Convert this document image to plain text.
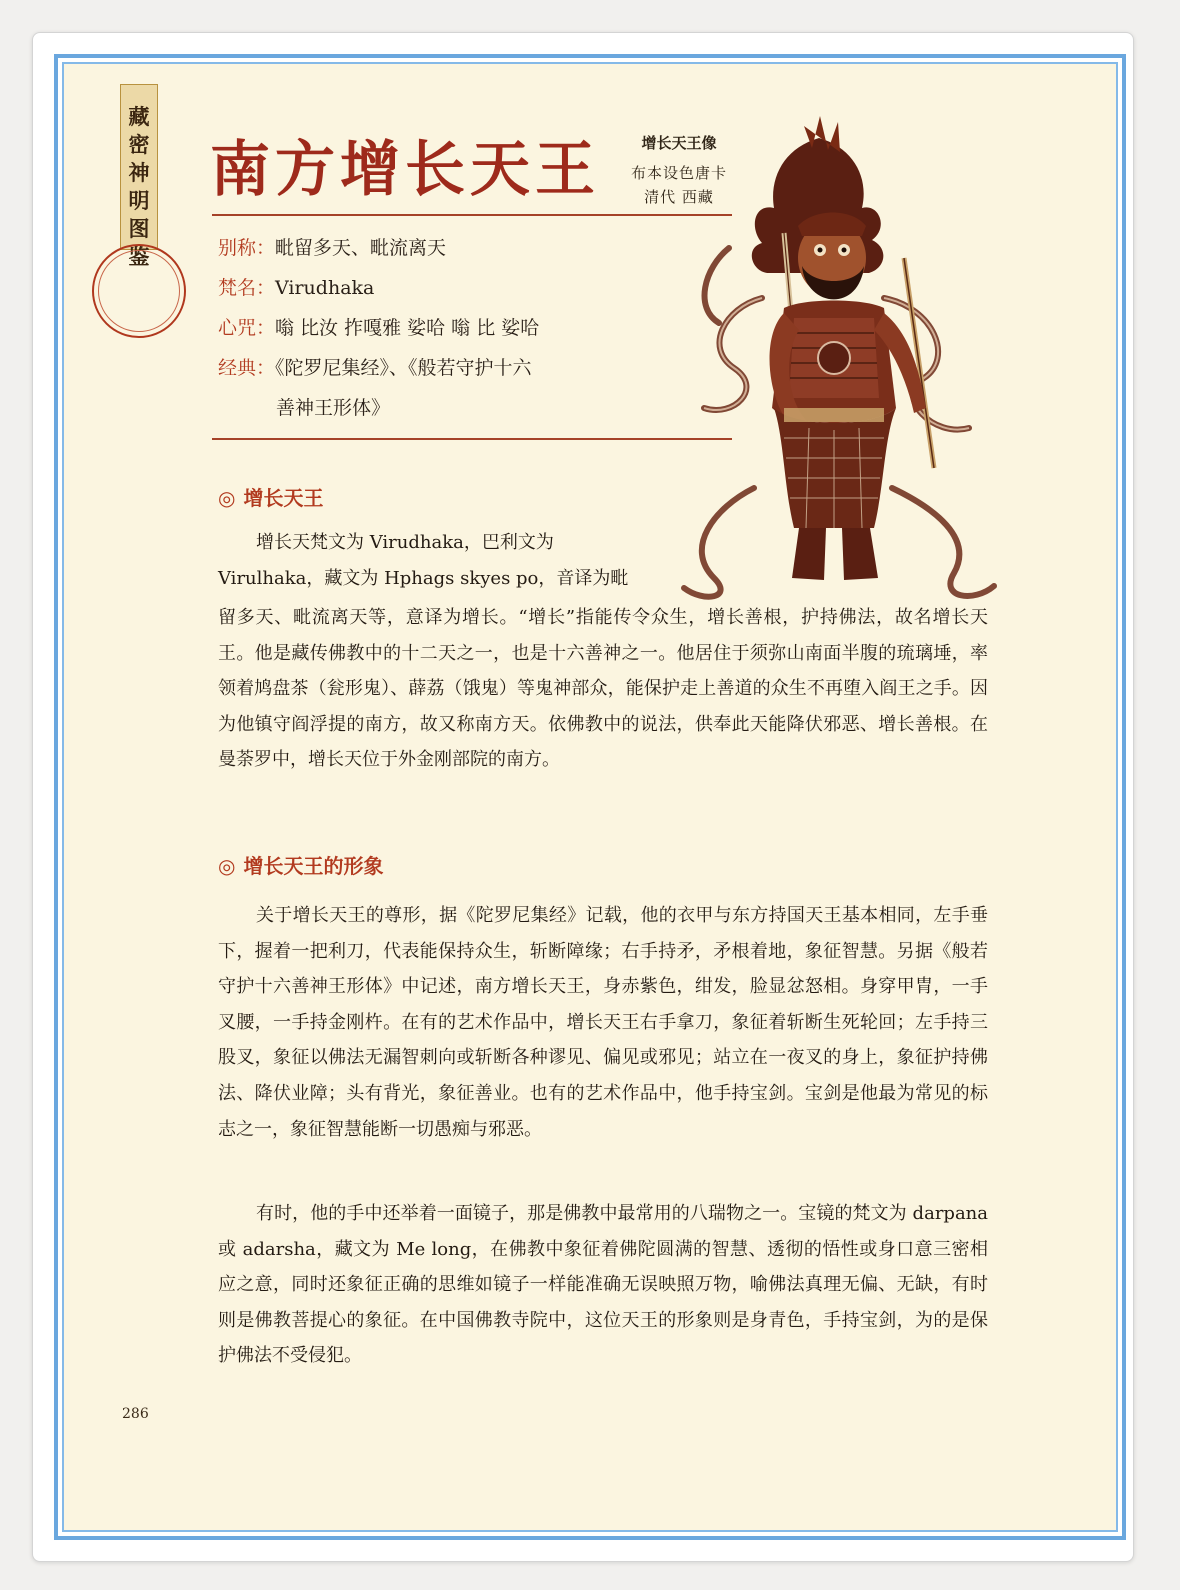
藏密神明图鉴
南方增长天王	增长天王像
布本设色唐卡
清代 西藏
别称：毗留多天、毗流离天
梵名：Virudhaka
心咒：嗡 比汝 拃嘎雅 娑哈 嗡 比 娑哈
经典：《陀罗尼集经》、《般若守护十六
善神王形体》
◎ 增长天王

增长天梵文为 Virudhaka，巴利文为

Virulhaka，藏文为 Hphags skyes po，音译为毗

留多天、毗流离天等，意译为增长。“增长”指能传令众生，增长善根，护持佛法，故名增长天王。他是藏传佛教中的十二天之一，也是十六善神之一。他居住于须弥山南面半腹的琉璃埵，率领着鸠盘茶（瓮形鬼）、薜荔（饿鬼）等鬼神部众，能保护走上善道的众生不再堕入阎王之手。因为他镇守阎浮提的南方，故又称南方天。依佛教中的说法，供奉此天能降伏邪恶、增长善根。在曼荼罗中，增长天位于外金刚部院的南方。

◎ 增长天王的形象

关于增长天王的尊形，据《陀罗尼集经》记载，他的衣甲与东方持国天王基本相同，左手垂下，握着一把利刀，代表能保持众生，斩断障缘；右手持矛，矛根着地，象征智慧。另据《般若守护十六善神王形体》中记述，南方增长天王，身赤紫色，绀发，脸显忿怒相。身穿甲胄，一手叉腰，一手持金刚杵。在有的艺术作品中，增长天王右手拿刀，象征着斩断生死轮回；左手持三股叉，象征以佛法无漏智刺向或斩断各种谬见、偏见或邪见；站立在一夜叉的身上，象征护持佛法、降伏业障；头有背光，象征善业。也有的艺术作品中，他手持宝剑。宝剑是他最为常见的标志之一，象征智慧能断一切愚痴与邪恶。

有时，他的手中还举着一面镜子，那是佛教中最常用的八瑞物之一。宝镜的梵文为 darpana 或 adarsha，藏文为 Me long，在佛教中象征着佛陀圆满的智慧、透彻的悟性或身口意三密相应之意，同时还象征正确的思维如镜子一样能准确无误映照万物，喻佛法真理无偏、无缺，有时则是佛教菩提心的象征。在中国佛教寺院中，这位天王的形象则是身青色，手持宝剑，为的是保护佛法不受侵犯。

286
